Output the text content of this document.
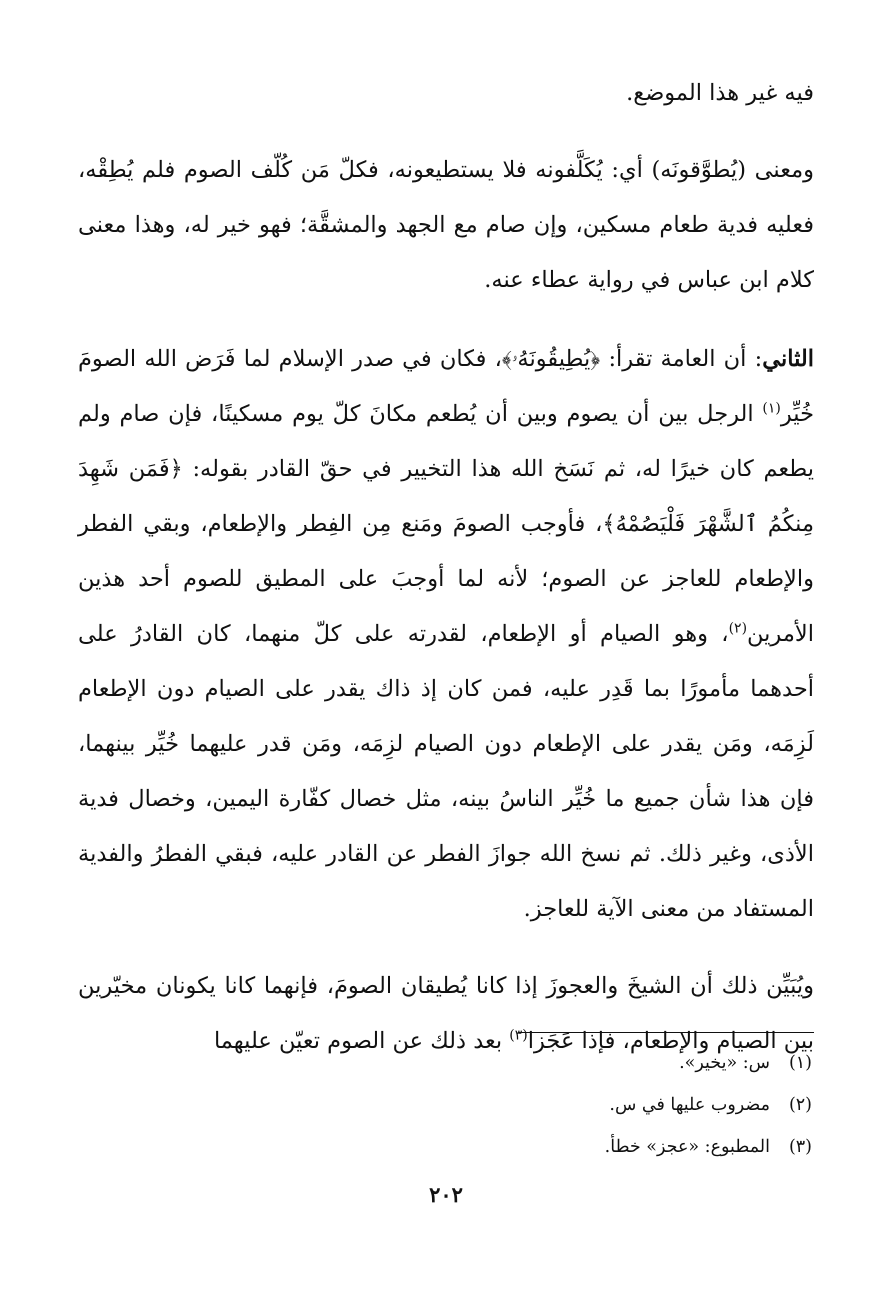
فيه غير هذا الموضع.

ومعنى (يُطوَّقونَه) أي: يُكَلَّفونه فلا يستطيعونه، فكلّ مَن كُلّف الصوم فلم يُطِقْه، فعليه فدية طعام مسكين، وإن صام مع الجهد والمشقَّة؛ فهو خير له، وهذا معنى كلام ابن عباس في رواية عطاء عنه.

الثاني: أن العامة تقرأ: ﴿يُطِيقُونَهُۥ﴾، فكان في صدر الإسلام لما فَرَض الله الصومَ خُيِّر$^{(١)}$ الرجل بين أن يصوم وبين أن يُطعم مكانَ كلّ يوم مسكينًا، فإن صام ولم يطعم كان خيرًا له، ثم نَسَخ الله هذا التخيير في حقّ القادر بقوله: ﴿فَمَن شَهِدَ مِنكُمُ ٱلشَّهْرَ فَلْيَصُمْهُ﴾، فأوجب الصومَ ومَنع مِن الفِطر والإطعام، وبقي الفطر والإطعام للعاجز عن الصوم؛ لأنه لما أوجبَ على المطيق للصوم أحد هذين الأمرين$^{(٢)}$، وهو الصيام أو الإطعام، لقدرته على كلّ منهما، كان القادرُ على أحدهما مأمورًا بما قَدِر عليه، فمن كان إذ ذاك يقدر على الصيام دون الإطعام لَزِمَه، ومَن يقدر على الإطعام دون الصيام لزِمَه، ومَن قدر عليهما خُيِّر بينهما، فإن هذا شأن جميع ما خُيِّر الناسُ بينه، مثل خصال كفّارة اليمين، وخصال فدية الأذى، وغير ذلك. ثم نسخ الله جوازَ الفطر عن القادر عليه، فبقي الفطرُ والفدية المستفاد من معنى الآية للعاجز.

ويُبَيِّن ذلك أن الشيخَ والعجوزَ إذا كانا يُطيقان الصومَ، فإنهما كانا يكونان مخيّرين بين الصيام والإطعام، فإذا عَجَزا$^{(٣)}$ بعد ذلك عن الصوم تعيّن عليهما

(١)
س: «يخير».
(٢)
مضروب عليها في س.
(٣)
المطبوع: «عجز» خطأ.
٢٠٢
